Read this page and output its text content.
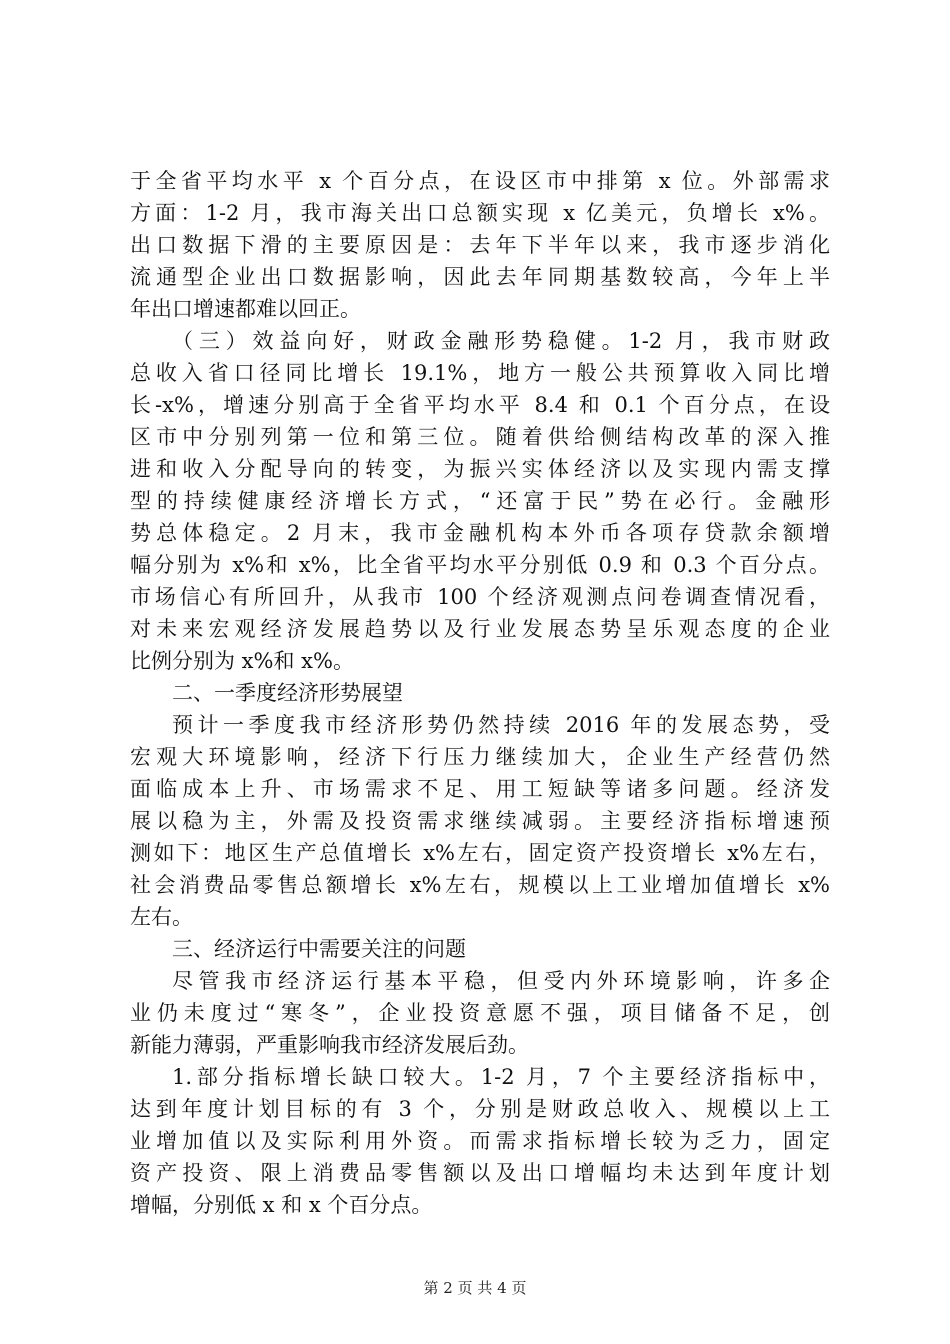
于全省平均水平 x 个百分点，在设区市中排第 x 位。外部需求
方面：1-2 月，我市海关出口总额实现 x 亿美元，负增长 x%。
出口数据下滑的主要原因是：去年下半年以来，我市逐步消化
流通型企业出口数据影响，因此去年同期基数较高，今年上半
年出口增速都难以回正。
（三）效益向好，财政金融形势稳健。1-2 月，我市财政
总收入省口径同比增长 19.1%，地方一般公共预算收入同比增
长-x%，增速分别高于全省平均水平 8.4 和 0.1 个百分点，在设
区市中分别列第一位和第三位。随着供给侧结构改革的深入推
进和收入分配导向的转变，为振兴实体经济以及实现内需支撑
型的持续健康经济增长方式，“还富于民”势在必行。金融形
势总体稳定。2 月末，我市金融机构本外币各项存贷款余额增
幅分别为 x%和 x%，比全省平均水平分别低 0.9 和 0.3 个百分点。
市场信心有所回升，从我市 100 个经济观测点问卷调查情况看，
对未来宏观经济发展趋势以及行业发展态势呈乐观态度的企业
比例分别为 x%和 x%。
二、一季度经济形势展望
预计一季度我市经济形势仍然持续 2016 年的发展态势，受
宏观大环境影响，经济下行压力继续加大，企业生产经营仍然
面临成本上升、市场需求不足、用工短缺等诸多问题。经济发
展以稳为主，外需及投资需求继续减弱。主要经济指标增速预
测如下：地区生产总值增长 x%左右，固定资产投资增长 x%左右，
社会消费品零售总额增长 x%左右，规模以上工业增加值增长 x%
左右。
三、经济运行中需要关注的问题
尽管我市经济运行基本平稳，但受内外环境影响，许多企
业仍未度过“寒冬”，企业投资意愿不强，项目储备不足，创
新能力薄弱，严重影响我市经济发展后劲。
1.部分指标增长缺口较大。1-2 月，7 个主要经济指标中，
达到年度计划目标的有 3 个，分别是财政总收入、规模以上工
业增加值以及实际利用外资。而需求指标增长较为乏力，固定
资产投资、限上消费品零售额以及出口增幅均未达到年度计划
增幅，分别低 x 和 x 个百分点。
第 2 页 共 4 页
